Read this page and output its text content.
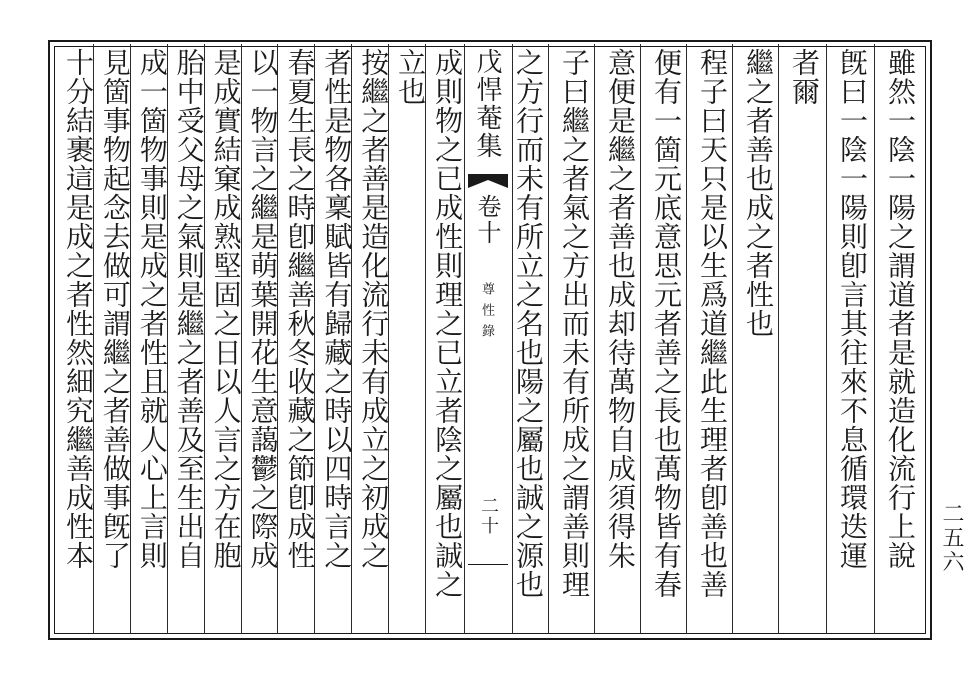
雖然一陰一陽之謂道者是就造化流行上說
旣曰一陰一陽則卽言其往來不息循環迭運
者爾
繼之者善也成之者性也
程子曰天只是以生爲道繼此生理者卽善也善
便有一箇元底意思元者善之長也萬物皆有春
意便是繼之者善也成却待萬物自成須得朱
子曰繼之者氣之方出而未有所成之謂善則理
之方行而未有所立之名也陽之屬也誠之源也
戊悍菴集
卷十
尊性錄
二十
成則物之已成性則理之已立者陰之屬也誠之
立也
按繼之者善是造化流行未有成立之初成之
者性是物各稟賦皆有歸藏之時以四時言之
春夏生長之時卽繼善秋冬收藏之節卽成性
以一物言之繼是萌葉開花生意藹鬱之際成
是成實結窠成熟堅固之日以人言之方在胞
胎中受父母之氣則是繼之者善及至生出自
成一箇物事則是成之者性且就人心上言則
見箇事物起念去做可謂繼之者善做事旣了
十分結裹這是成之者性然細究繼善成性本	二五六
